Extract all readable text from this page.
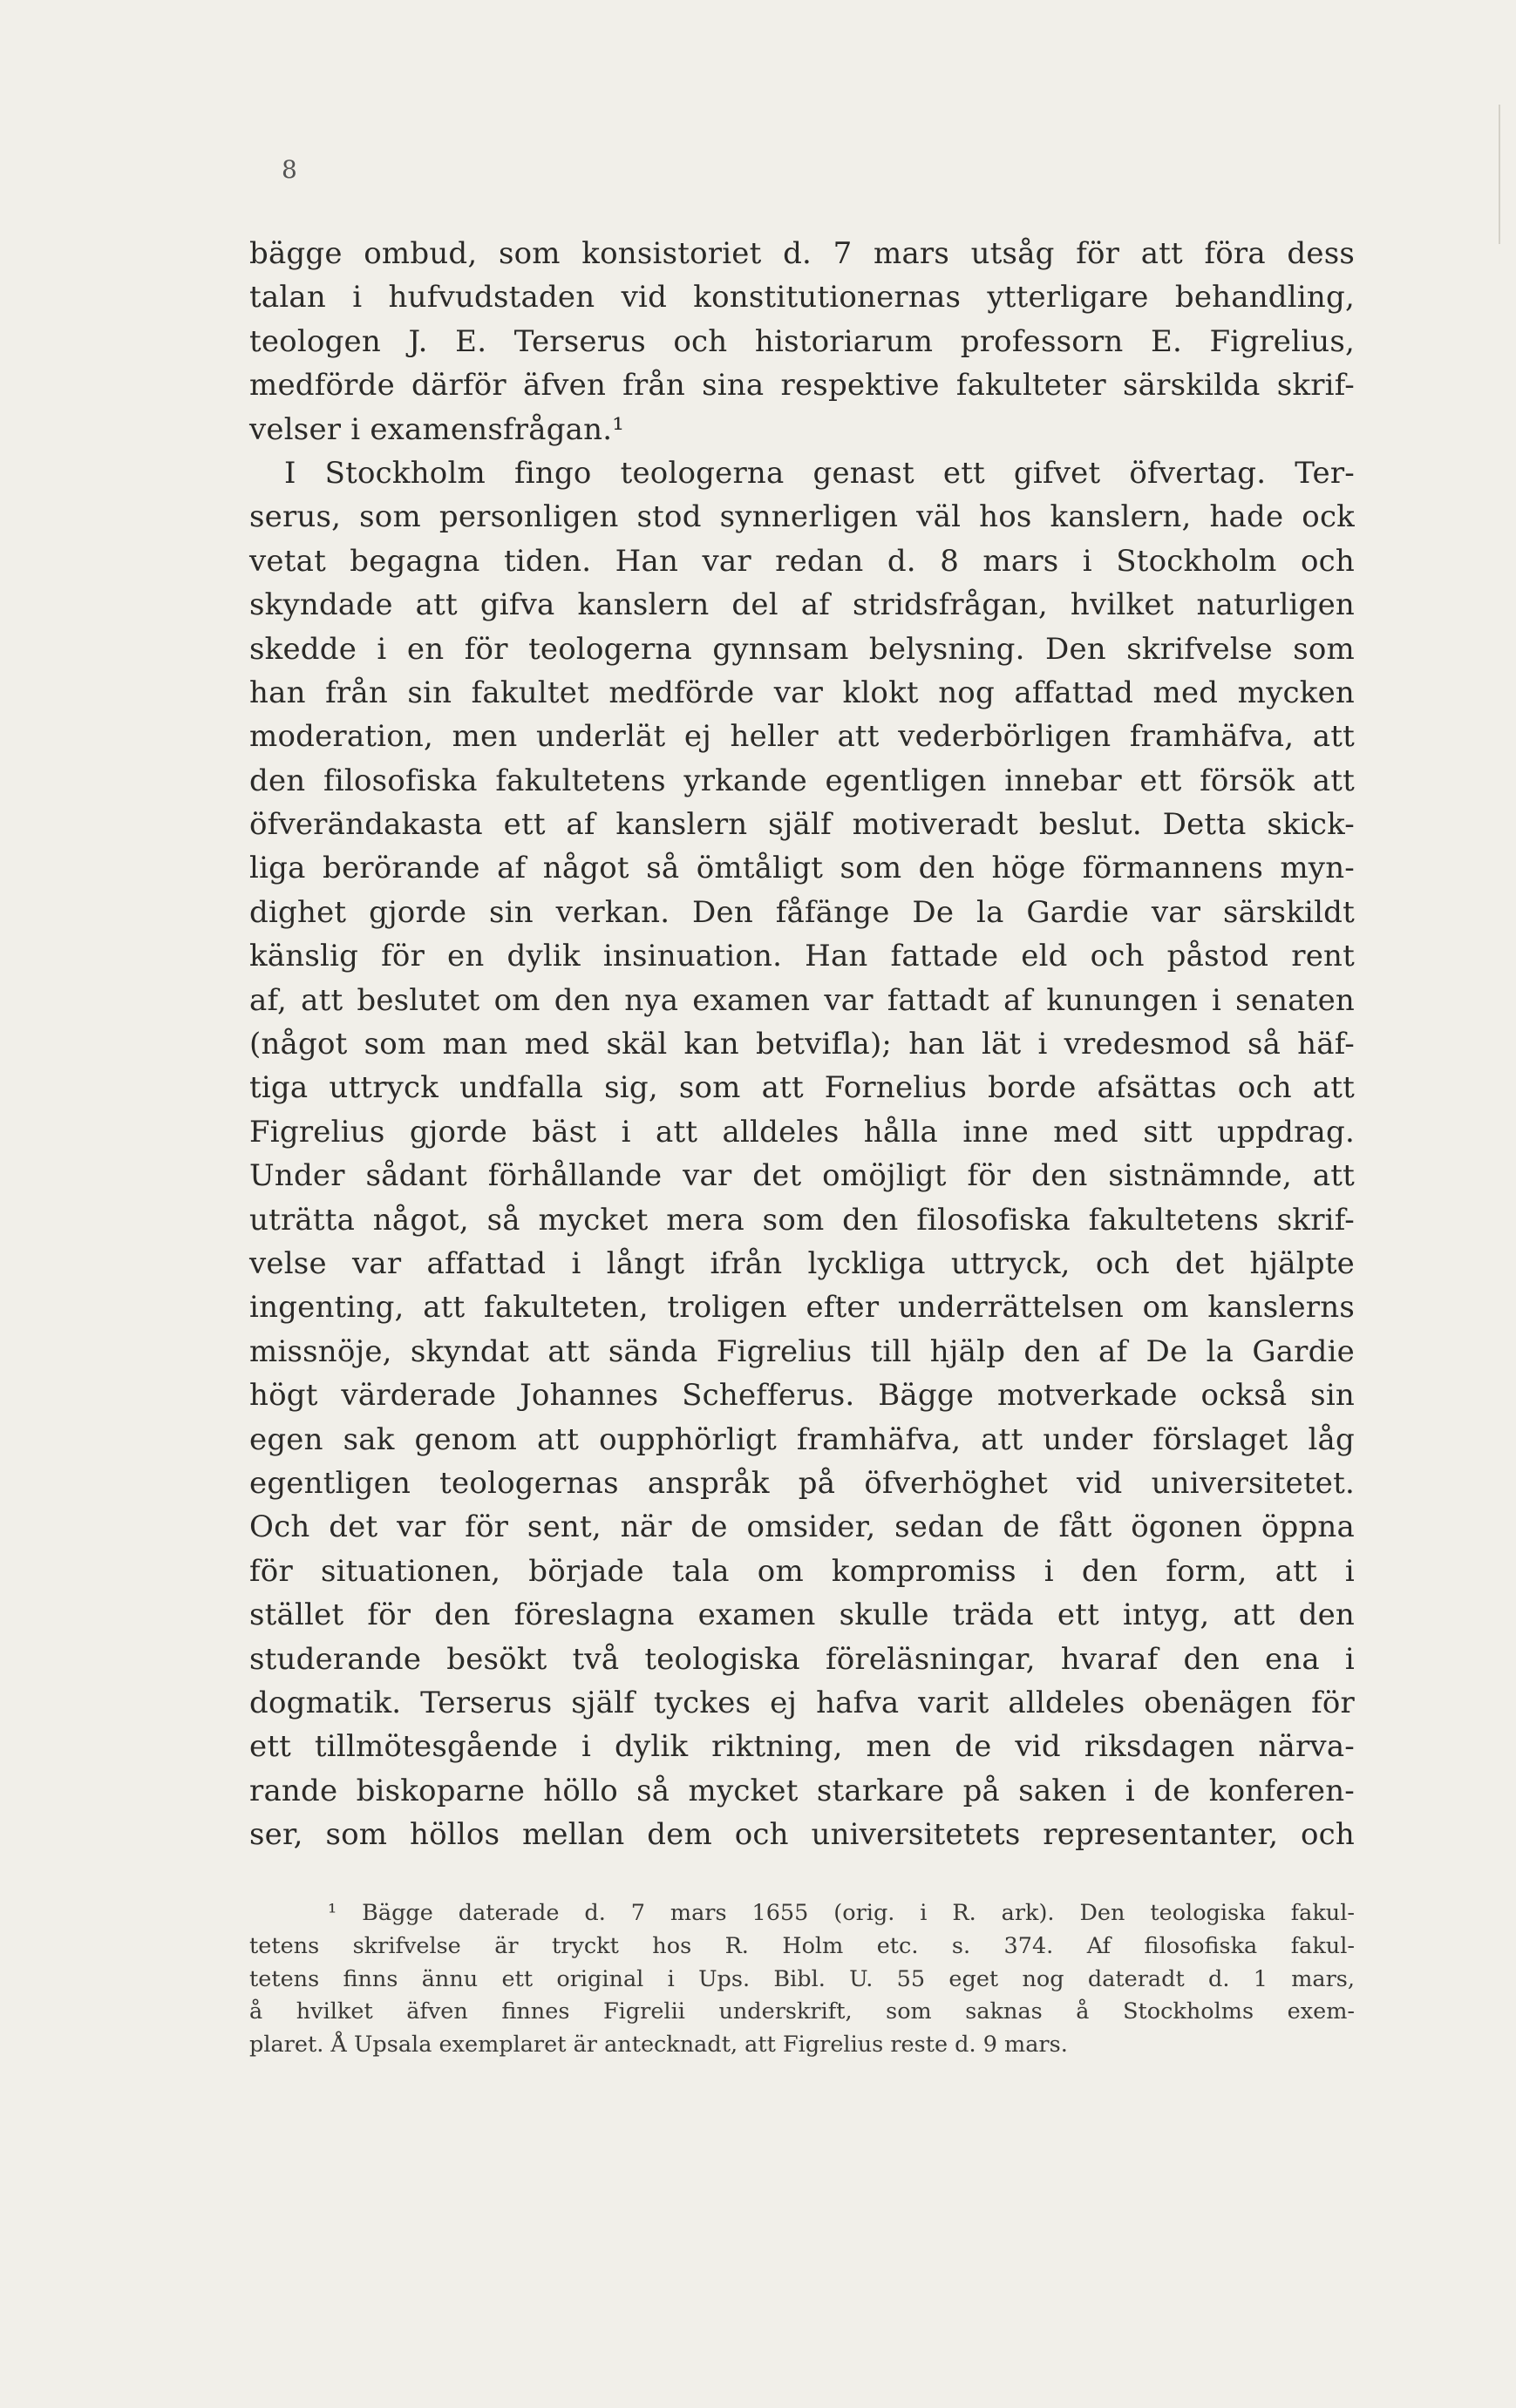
8
bägge ombud, som konsistoriet d. 7 mars utsåg för att föra dess
talan i hufvudstaden vid konstitutionernas ytterligare behandling,
teologen J. E. Terserus och historiarum professorn E. Figrelius,
medförde därför äfven från sina respektive fakulteter särskilda skrif-
velser i examensfrågan.¹
I Stockholm fingo teologerna genast ett gifvet öfvertag. Ter-
serus, som personligen stod synnerligen väl hos kanslern, hade ock
vetat begagna tiden. Han var redan d. 8 mars i Stockholm och
skyndade att gifva kanslern del af stridsfrågan, hvilket naturligen
skedde i en för teologerna gynnsam belysning. Den skrifvelse som
han från sin fakultet medförde var klokt nog affattad med mycken
moderation, men underlät ej heller att vederbörligen framhäfva, att
den filosofiska fakultetens yrkande egentligen innebar ett försök att
öfverändakasta ett af kanslern själf motiveradt beslut. Detta skick-
liga berörande af något så ömtåligt som den höge förmannens myn-
dighet gjorde sin verkan. Den fåfänge De la Gardie var särskildt
känslig för en dylik insinuation. Han fattade eld och påstod rent
af, att beslutet om den nya examen var fattadt af kunungen i senaten
(något som man med skäl kan betvifla); han lät i vredesmod så häf-
tiga uttryck undfalla sig, som att Fornelius borde afsättas och att
Figrelius gjorde bäst i att alldeles hålla inne med sitt uppdrag.
Under sådant förhållande var det omöjligt för den sistnämnde, att
uträtta något, så mycket mera som den filosofiska fakultetens skrif-
velse var affattad i långt ifrån lyckliga uttryck, och det hjälpte
ingenting, att fakulteten, troligen efter underrättelsen om kanslerns
missnöje, skyndat att sända Figrelius till hjälp den af De la Gardie
högt värderade Johannes Schefferus. Bägge motverkade också sin
egen sak genom att oupphörligt framhäfva, att under förslaget låg
egentligen teologernas anspråk på öfverhöghet vid universitetet.
Och det var för sent, när de omsider, sedan de fått ögonen öppna
för situationen, började tala om kompromiss i den form, att i
stället för den föreslagna examen skulle träda ett intyg, att den
studerande besökt två teologiska föreläsningar, hvaraf den ena i
dogmatik. Terserus själf tyckes ej hafva varit alldeles obenägen för
ett tillmötesgående i dylik riktning, men de vid riksdagen närva-
rande biskoparne höllo så mycket starkare på saken i de konferen-
ser, som höllos mellan dem och universitetets representanter, och
¹ Bägge daterade d. 7 mars 1655 (orig. i R. ark). Den teologiska fakul-
tetens skrifvelse är tryckt hos R. Holm etc. s. 374. Af filosofiska fakul-
tetens finns ännu ett original i Ups. Bibl. U. 55 eget nog dateradt d. 1 mars,
å hvilket äfven finnes Figrelii underskrift, som saknas å Stockholms exem-
plaret. Å Upsala exemplaret är antecknadt, att Figrelius reste d. 9 mars.
